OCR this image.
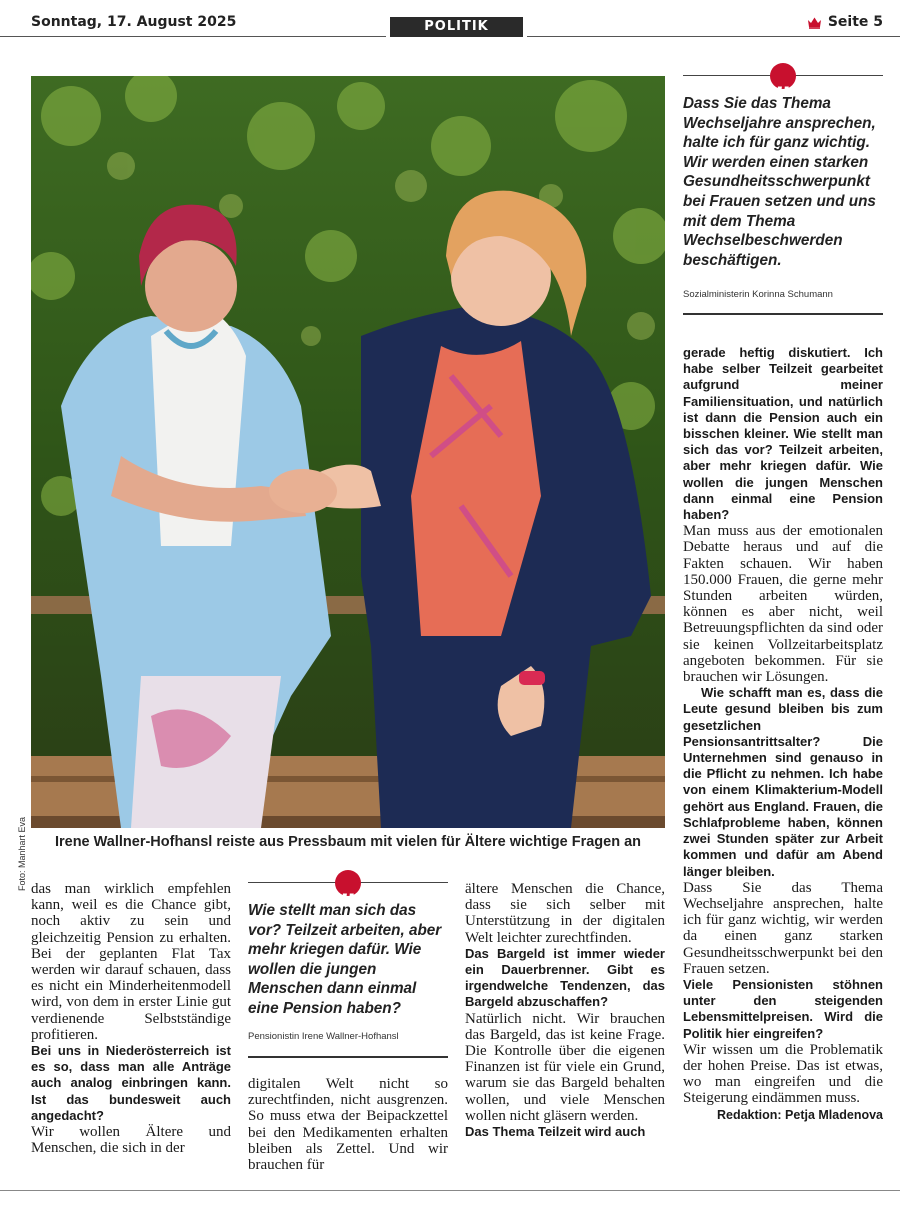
Sonntag, 17. August 2025	POLITIK	Seite 5
Foto: Manhart Eva	Irene Wallner-Hofhansl reiste aus Pressbaum mit vielen für Ältere wichtige Fragen an
„
Dass Sie das Thema Wechseljahre ansprechen, halte ich für ganz wichtig. Wir werden einen starken Gesundheitsschwerpunkt bei Frauen setzen und uns mit dem Thema Wechselbeschwerden beschäftigen.
Sozialministerin Korinna Schumann
„
Wie stellt man sich das vor? Teilzeit arbeiten, aber mehr kriegen dafür. Wie wollen die jungen Menschen dann einmal eine Pension haben?
Pensionistin Irene Wallner-Hofhansl

das man wirklich empfehlen kann, weil es die Chance gibt, noch aktiv zu sein und gleichzeitig Pension zu erhalten. Bei der geplanten Flat Tax werden wir darauf schauen, dass es nicht ein Minderheitenmodell wird, von dem in erster Linie gut verdienende Selbstständige profitieren.

Bei uns in Niederösterreich ist es so, dass man alle Anträge auch analog einbringen kann. Ist das bundesweit auch angedacht?

Wir wollen Ältere und Menschen, die sich in der

digitalen Welt nicht so zurechtfinden, nicht ausgrenzen. So muss etwa der Beipackzettel bei den Medikamenten erhalten bleiben als Zettel. Und wir brauchen für

ältere Menschen die Chance, dass sie sich selber mit Unterstützung in der digitalen Welt leichter zurechtfinden.

Das Bargeld ist immer wieder ein Dauerbrenner. Gibt es irgendwelche Tendenzen, das Bargeld abzuschaffen?

Natürlich nicht. Wir brauchen das Bargeld, das ist keine Frage. Die Kontrolle über die eigenen Finanzen ist für viele ein Grund, warum sie das Bargeld behalten wollen, und viele Menschen wollen nicht gläsern werden.

Das Thema Teilzeit wird auch

gerade heftig diskutiert. Ich habe selber Teilzeit gearbeitet aufgrund meiner Familiensituation, und natürlich ist dann die Pension auch ein bisschen kleiner. Wie stellt man sich das vor? Teilzeit arbeiten, aber mehr kriegen dafür. Wie wollen die jungen Menschen dann einmal eine Pension haben?

Man muss aus der emotionalen Debatte heraus und auf die Fakten schauen. Wir haben 150.000 Frauen, die gerne mehr Stunden arbeiten würden, können es aber nicht, weil Betreuungspflichten da sind oder sie keinen Vollzeitarbeitsplatz angeboten bekommen. Für sie brauchen wir Lösungen.

Wie schafft man es, dass die Leute gesund bleiben bis zum gesetzlichen Pensionsantrittsalter? Die Unternehmen sind genauso in die Pflicht zu nehmen. Ich habe von einem Klimakterium-Modell gehört aus England. Frauen, die Schlafprobleme haben, können zwei Stunden später zur Arbeit kommen und dafür am Abend länger bleiben.

Dass Sie das Thema Wechseljahre ansprechen, halte ich für ganz wichtig, wir werden da einen ganz starken Gesundheitsschwerpunkt bei den Frauen setzen.

Viele Pensionisten stöhnen unter den steigenden Lebensmittelpreisen. Wird die Politik hier eingreifen?

Wir wissen um die Problematik der hohen Preise. Das ist etwas, wo man eingreifen und die Steigerung eindämmen muss.

Redaktion: Petja Mladenova
